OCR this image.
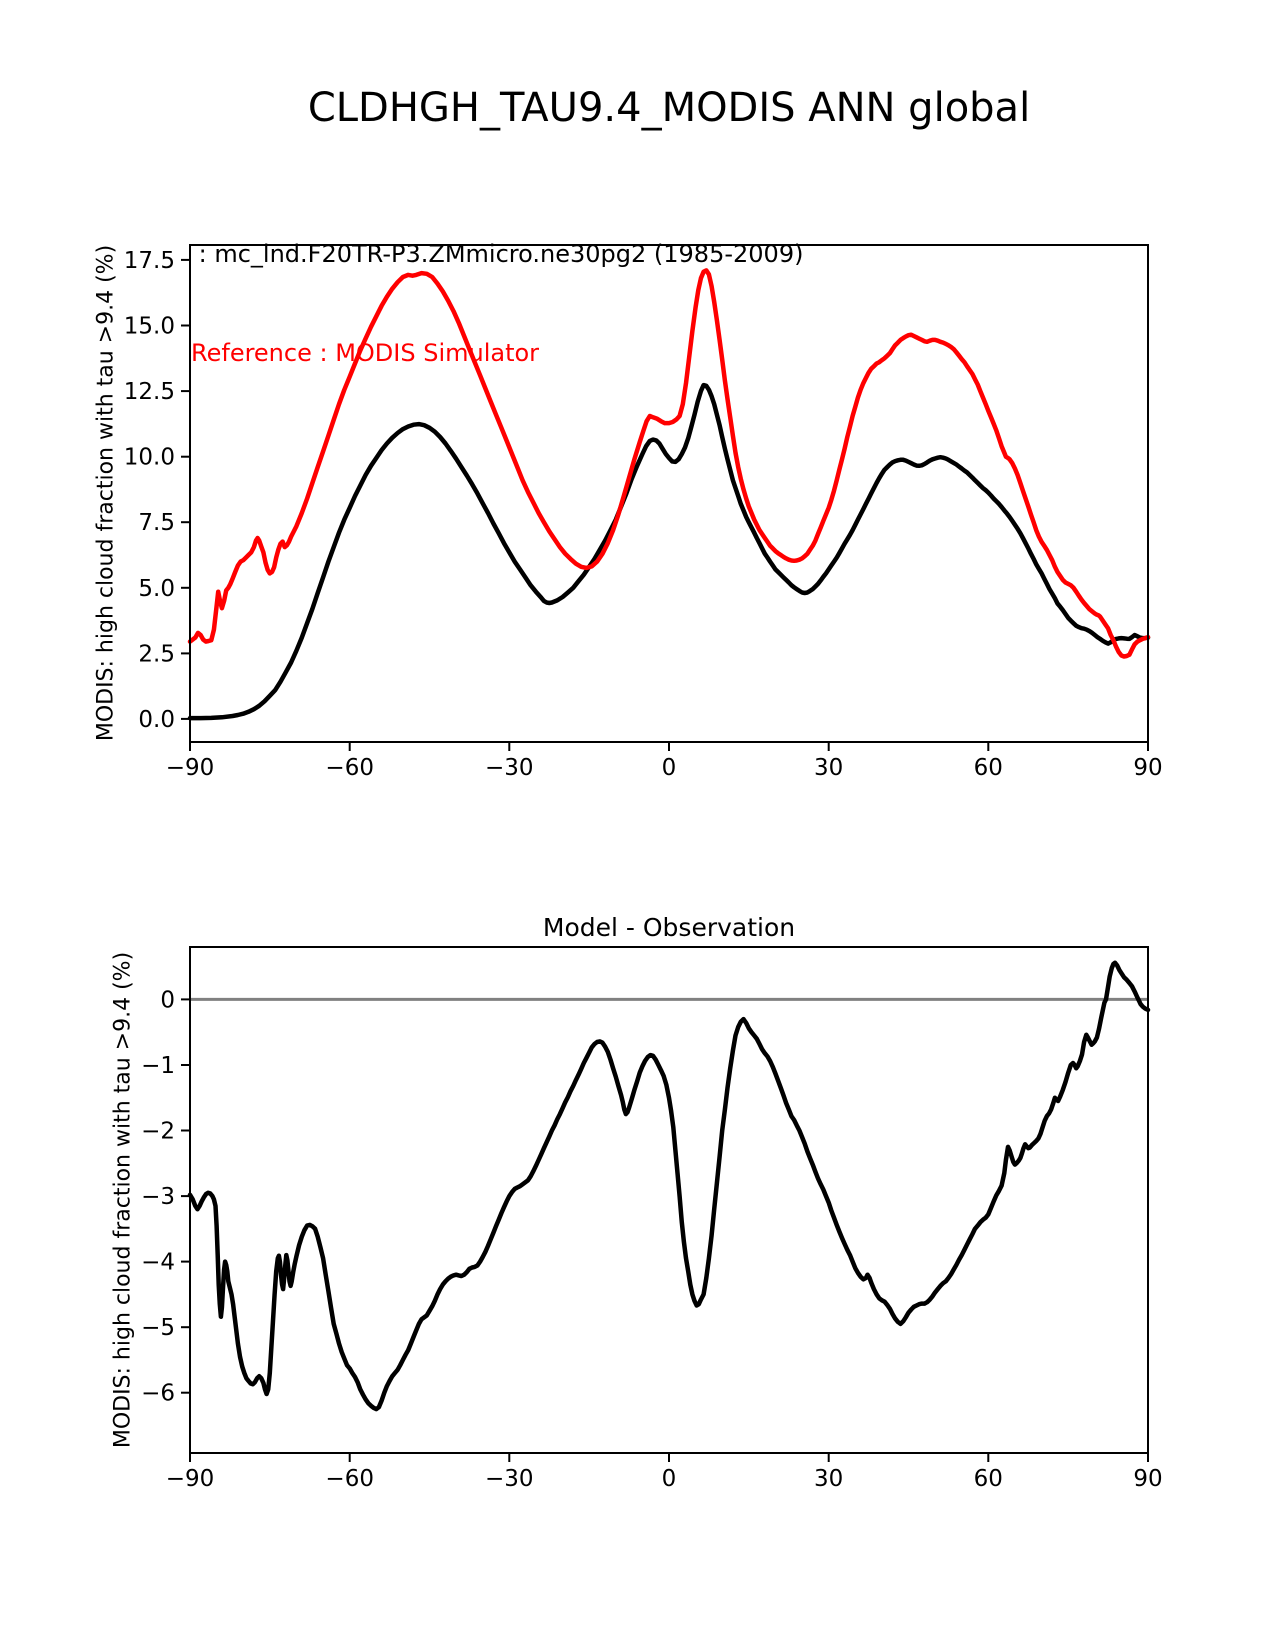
CLDHGH_TAU9.4_MODIS ANN global

: mc_lnd.F20TR-P3.ZMmicro.ne30pg2 (1985-2009)

Reference : MODIS Simulator

MODIS: high cloud fraction with tau >9.4 (%)
Model - Observation
MODIS: high cloud fraction with tau >9.4 (%)
−90	−60	−30	0	30	60	90
0.0
2.5
5.0
7.5
10.0
12.5
15.0
17.5
−90	−60	−30	0	30	60	90
0
−1
−2
−3
−4
−5
−6
